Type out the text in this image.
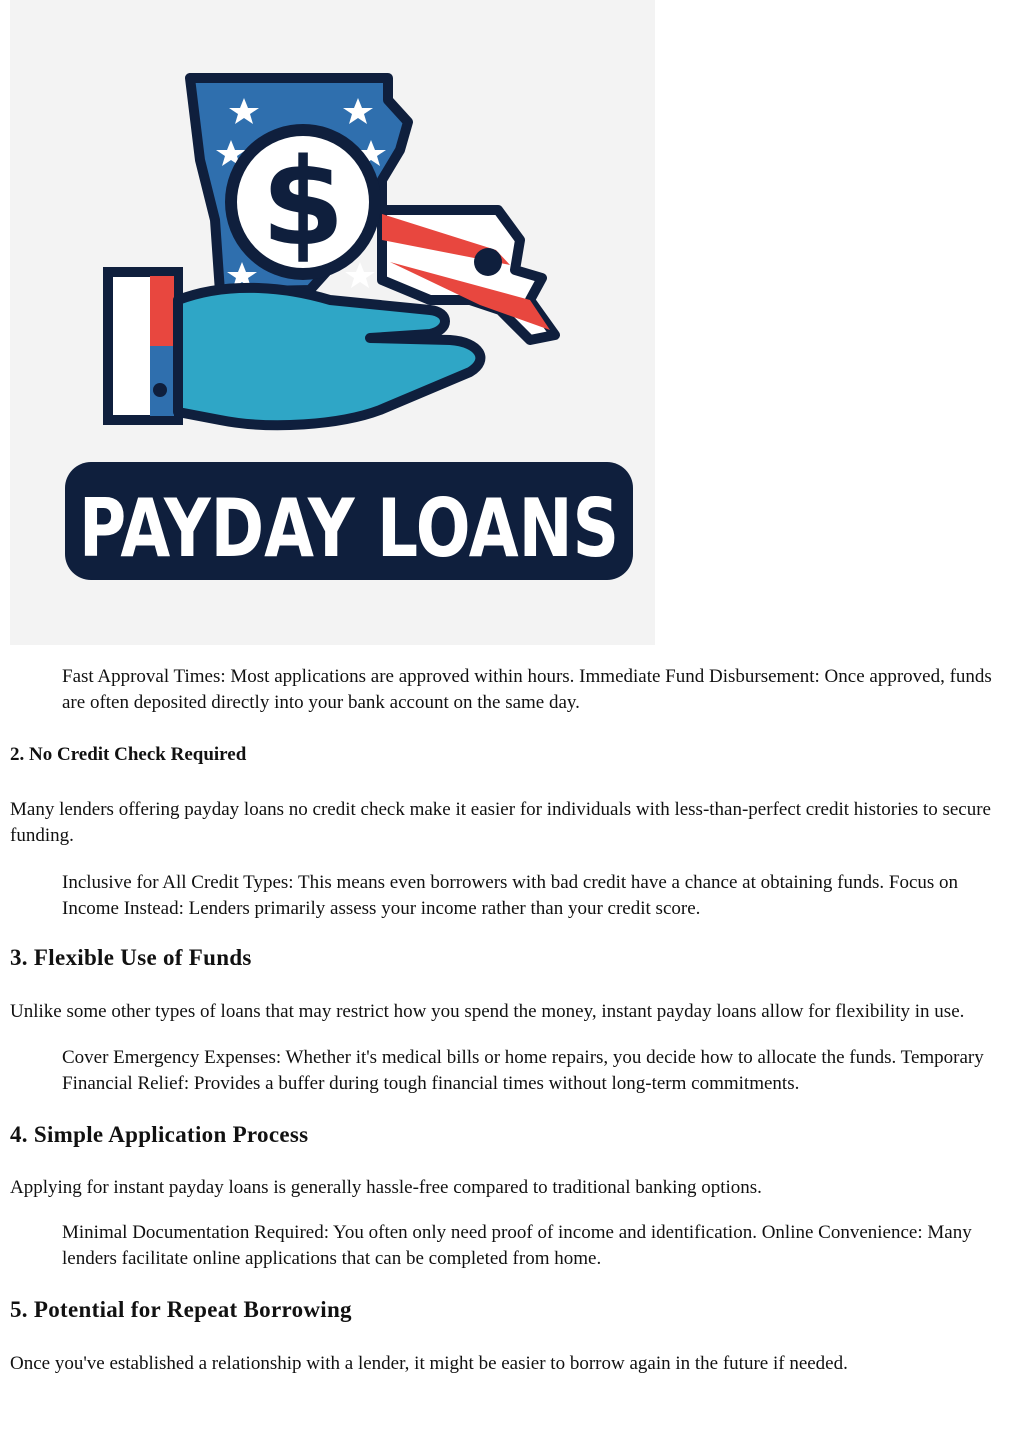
$
PAYDAY LOANS
Fast Approval Times: Most applications are approved within hours. Immediate Fund Disbursement: Once approved, funds are often deposited directly into your bank account on the same day.
2. No Credit Check Required
Many lenders offering payday loans no credit check make it easier for individuals with less-than-perfect credit histories to secure funding.
Inclusive for All Credit Types: This means even borrowers with bad credit have a chance at obtaining funds. Focus on Income Instead: Lenders primarily assess your income rather than your credit score.
3. Flexible Use of Funds
Unlike some other types of loans that may restrict how you spend the money, instant payday loans allow for flexibility in use.
Cover Emergency Expenses: Whether it's medical bills or home repairs, you decide how to allocate the funds. Temporary Financial Relief: Provides a buffer during tough financial times without long-term commitments.
4. Simple Application Process
Applying for instant payday loans is generally hassle-free compared to traditional banking options.
Minimal Documentation Required: You often only need proof of income and identification. Online Convenience: Many lenders facilitate online applications that can be completed from home.
5. Potential for Repeat Borrowing
Once you've established a relationship with a lender, it might be easier to borrow again in the future if needed.
